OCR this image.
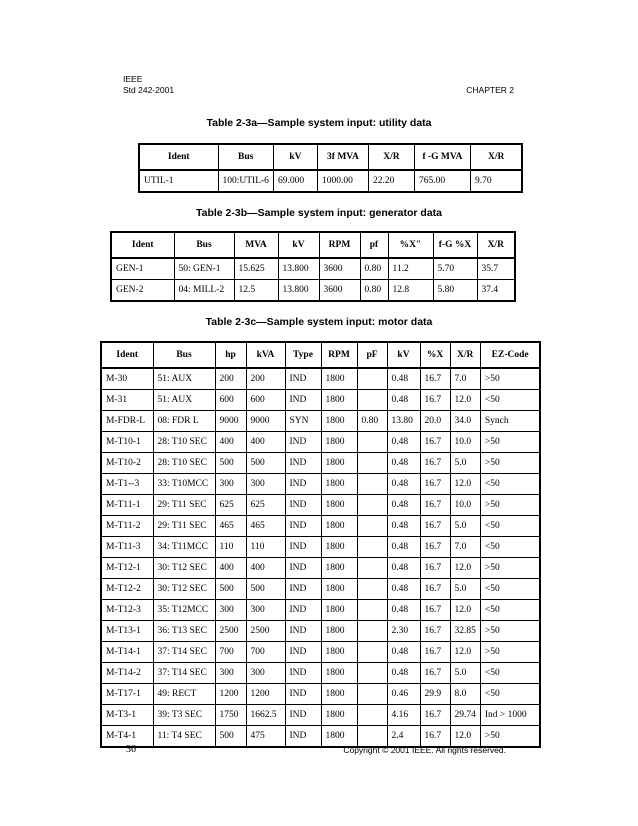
IEEE
Std 242-2001	CHAPTER 2
Table 2-3a—Sample system input: utility data
Ident	Bus	kV	3f MVA	X/R	f -G MVA	X/R
UTIL-1	100:UTIL-6	69.000	1000.00	22.20	765.00	9.70
Table 2-3b—Sample system input: generator data
Ident	Bus	MVA	kV	RPM	pf	%X"	f-G %X	X/R
GEN-1	50: GEN-1	15.625	13.800	3600	0.80	11.2	5.70	35.7
GEN-2	04: MILL-2	12.5	13.800	3600	0.80	12.8	5.80	37.4
Table 2-3c—Sample system input: motor data
Ident	Bus	hp	kVA	Type	RPM	pF	kV	%X	X/R	EZ-Code
M-30	51: AUX	200	200	IND	1800		0.48	16.7	7.0	>50
M-31	51: AUX	600	600	IND	1800		0.48	16.7	12.0	<50
M-FDR-L	08: FDR L	9000	9000	SYN	1800	0.80	13.80	20.0	34.0	Synch
M-T10-1	28: T10 SEC	400	400	IND	1800		0.48	16.7	10.0	>50
M-T10-2	28: T10 SEC	500	500	IND	1800		0.48	16.7	5.0	>50
M-T1--3	33: T10MCC	300	300	IND	1800		0.48	16.7	12.0	<50
M-T11-1	29: T11 SEC	625	625	IND	1800		0.48	16.7	10.0	>50
M-T11-2	29: T11 SEC	465	465	IND	1800		0.48	16.7	5.0	<50
M-T11-3	34: T11MCC	110	110	IND	1800		0.48	16.7	7.0	<50
M-T12-1	30: T12 SEC	400	400	IND	1800		0.48	16.7	12.0	>50
M-T12-2	30: T12 SEC	500	500	IND	1800		0.48	16.7	5.0	<50
M-T12-3	35: T12MCC	300	300	IND	1800		0.48	16.7	12.0	<50
M-T13-1	36: T13 SEC	2500	2500	IND	1800		2.30	16.7	32.85	>50
M-T14-1	37: T14 SEC	700	700	IND	1800		0.48	16.7	12.0	>50
M-T14-2	37: T14 SEC	300	300	IND	1800		0.48	16.7	5.0	<50
M-T17-1	49: RECT	1200	1200	IND	1800		0.46	29.9	8.0	<50
M-T3-1	39: T3 SEC	1750	1662.5	IND	1800		4.16	16.7	29.74	Ind > 1000
M-T4-1	11: T4 SEC	500	475	IND	1800		2.4	16.7	12.0	>50
36	Copyright © 2001 IEEE. All rights reserved.
